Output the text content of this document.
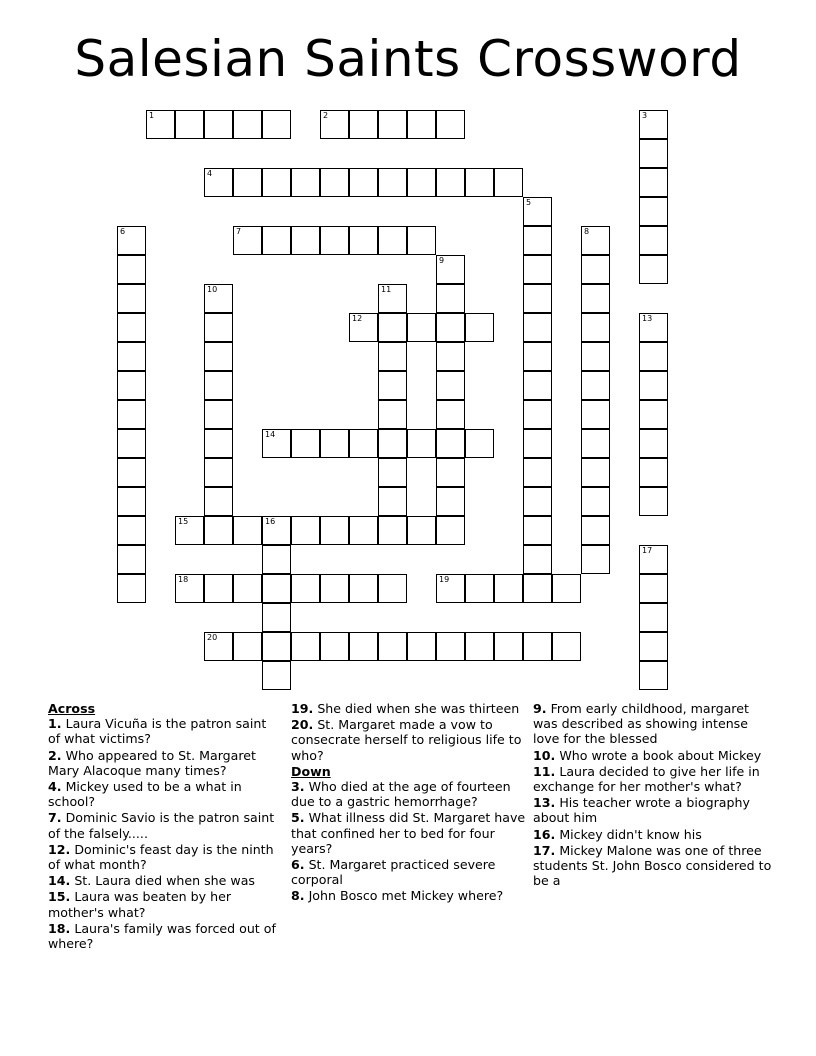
Salesian Saints Crossword
1	2	3
4
5
6	7	8
9
10	11
12	13
14
15	16
17
18	19
20
Across
1. Laura Vicuña is the patron saint of what victims?
2. Who appeared to St. Margaret Mary Alacoque many times?
4. Mickey used to be a what in school?
7. Dominic Savio is the patron saint of the falsely.....
12. Dominic's feast day is the ninth of what month?
14. St. Laura died when she was
15. Laura was beaten by her mother's what?
18. Laura's family was forced out of where?
19. She died when she was thirteen
20. St. Margaret made a vow to consecrate herself to religious life to who?
Down
3. Who died at the age of fourteen due to a gastric hemorrhage?
5. What illness did St. Margaret have that confined her to bed for four years?
6. St. Margaret practiced severe corporal
8. John Bosco met Mickey where?
9. From early childhood, margaret was described as showing intense love for the blessed
10. Who wrote a book about Mickey
11. Laura decided to give her life in exchange for her mother's what?
13. His teacher wrote a biography about him
16. Mickey didn't know his
17. Mickey Malone was one of three students St. John Bosco considered to be a
